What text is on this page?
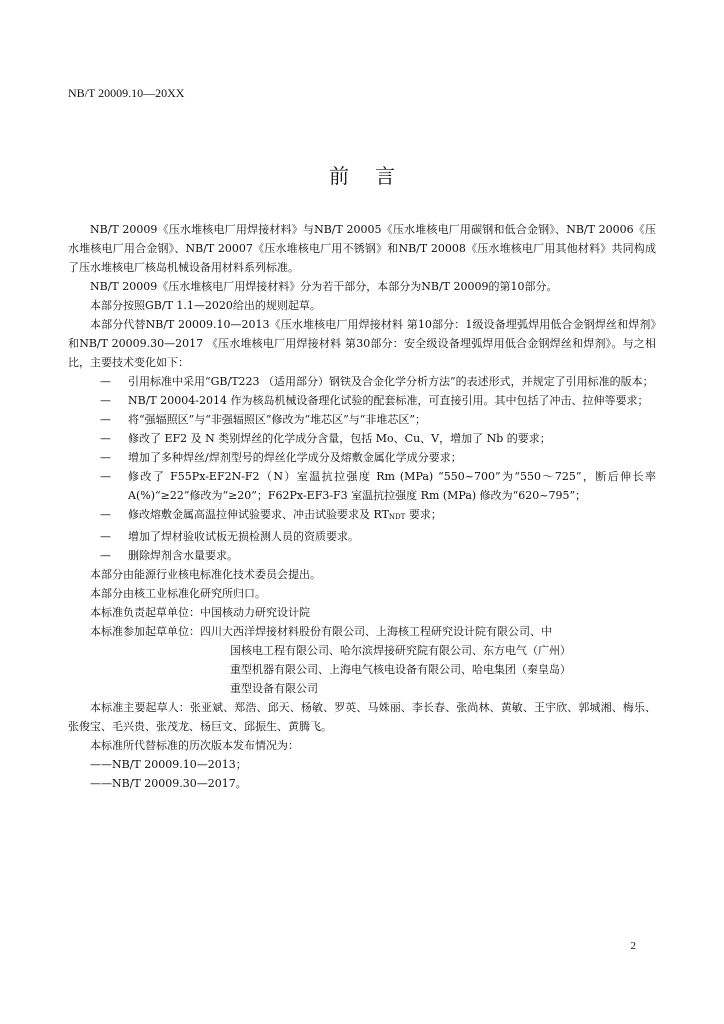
NB/T 20009.10—20XX
前言

NB/T 20009《压水堆核电厂用焊接材料》与NB/T 20005《压水堆核电厂用碳钢和低合金钢》、NB/T 20006《压水堆核电厂用合金钢》、NB/T 20007《压水堆核电厂用不锈钢》和NB/T 20008《压水堆核电厂用其他材料》共同构成了压水堆核电厂核岛机械设备用材料系列标准。

NB/T 20009《压水堆核电厂用焊接材料》分为若干部分，本部分为NB/T 20009的第10部分。

本部分按照GB/T 1.1—2020给出的规则起草。

本部分代替NB/T 20009.10—2013《压水堆核电厂用焊接材料 第10部分：1级设备埋弧焊用低合金钢焊丝和焊剂》和NB/T 20009.30—2017 《压水堆核电厂用焊接材料 第30部分：安全级设备埋弧焊用低合金钢焊丝和焊剂》。与之相比，主要技术变化如下：

— 引用标准中采用“GB/T223 （适用部分）钢铁及合金化学分析方法”的表述形式，并规定了引用标准的版本；

— NB/T 20004-2014 作为核岛机械设备理化试验的配套标准，可直接引用。其中包括了冲击、拉伸等要求；

— 将“强辐照区”与“非强辐照区”修改为“堆芯区”与“非堆芯区”；

— 修改了 EF2 及 N 类别焊丝的化学成分含量，包括 Mo、Cu、V，增加了 Nb 的要求；

— 增加了多种焊丝/焊剂型号的焊丝化学成分及熔敷金属化学成分要求；

— 修改了 F55Px-EF2N-F2（N）室温抗拉强度 Rm (MPa) “550~700”为“550～725”，断后伸长率 A(%)“≥22”修改为“≥20”；F62Px-EF3-F3 室温抗拉强度 Rm (MPa) 修改为“620~795”；

— 修改熔敷金属高温拉伸试验要求、冲击试验要求及 $RT_{NDT}$ 要求；

— 增加了焊材验收试板无损检测人员的资质要求。

— 删除焊剂含水量要求。

本部分由能源行业核电标准化技术委员会提出。

本部分由核工业标准化研究所归口。

本标准负责起草单位：中国核动力研究设计院

本标准参加起草单位： 四川大西洋焊接材料股份有限公司、上海核工程研究设计院有限公司、中
国核电工程有限公司、哈尔滨焊接研究院有限公司、东方电气（广州）
重型机器有限公司、上海电气核电设备有限公司、哈电集团（秦皇岛）
重型设备有限公司

本标准主要起草人：张亚斌、郑浩、邱天、杨敏、罗英、马姝丽、李长春、张尚林、黄敏、王宇欣、郭城湘、梅乐、张俊宝、毛兴贵、张茂龙、杨巨文、邱振生、黄腾飞。

本标准所代替标准的历次版本发布情况为：

——NB/T 20009.10—2013；

——NB/T 20009.30—2017。

2
